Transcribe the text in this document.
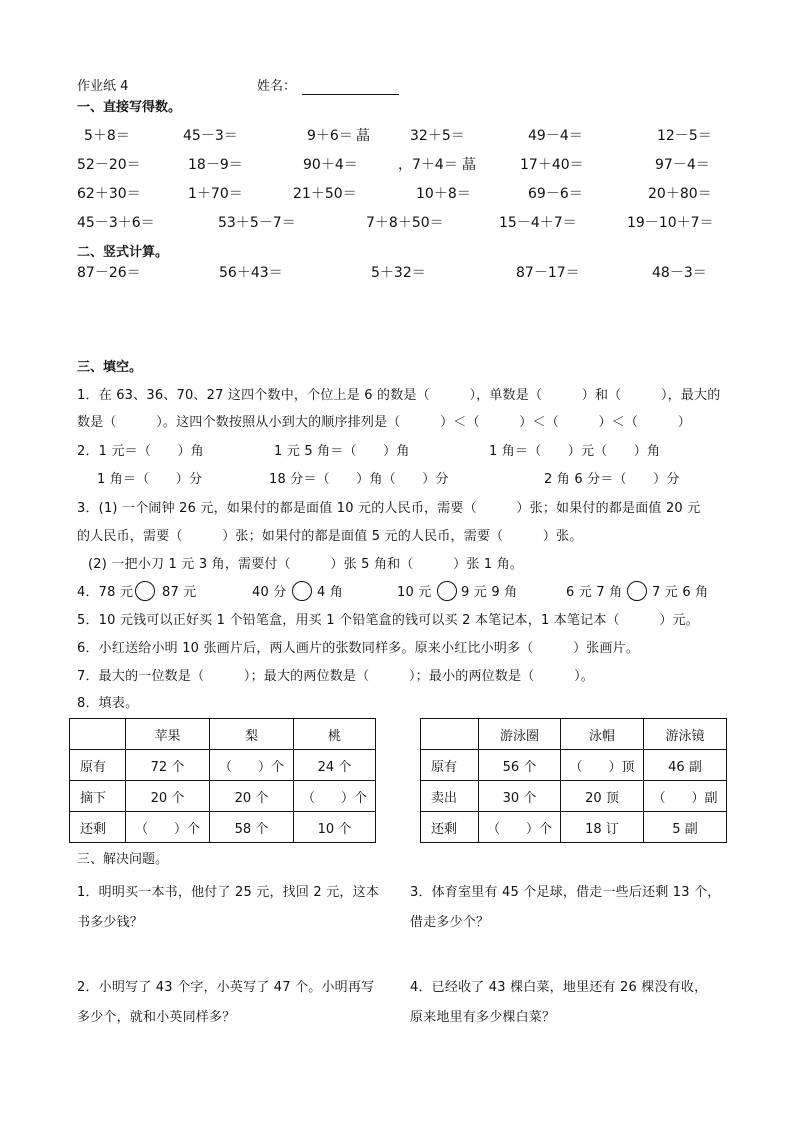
作业纸 4	姓名：
一、直接写得数。
5＋8＝	45－3＝	9＋6＝ 蕌	32＋5＝	49－4＝	12－5＝
52－20＝	18－9＝	90＋4＝	，7＋4＝ 蕌	17＋40＝	97－4＝
62＋30＝	1＋70＝	21＋50＝	10＋8＝	69－6＝	20＋80＝
45－3＋6＝	53＋5－7＝	7＋8＋50＝	15－4＋7＝	19－10＋7＝
二、竖式计算。
87－26＝	56＋43＝	5＋32＝	87－17＝	48－3＝
三、填空。
1．在 63、36、70、27 这四个数中，个位上是 6 的数是（　　　），单数是（　　　）和（　　　），最大的
数是（　　　）。这四个数按照从小到大的顺序排列是（　　　）＜（　　　）＜（　　　）＜（　　　）
2．1 元＝（　　）角	1 元 5 角＝（　　）角	1 角＝（　　）元（　　）角
1 角＝（　　）分	18 分＝（　　）角（　　）分	2 角 6 分＝（　　）分
3．(1) 一个闹钟 26 元，如果付的都是面值 10 元的人民币，需要（　　　）张；如果付的都是面值 20 元
的人民币，需要（　　　）张；如果付的都是面值 5 元的人民币，需要（　　　）张。
(2) 一把小刀 1 元 3 角，需要付（　　　）张 5 角和（　　　）张 1 角。
4．78 元 87 元	40 分 4 角	10 元 9 元 9 角	6 元 7 角 7 元 6 角
5．10 元钱可以正好买 1 个铅笔盒，用买 1 个铅笔盒的钱可以买 2 本笔记本，1 本笔记本（　　　）元。
6．小红送给小明 10 张画片后，两人画片的张数同样多。原来小红比小明多（　　　）张画片。
7．最大的一位数是（　　　）；最大的两位数是（　　　）；最小的两位数是（　　　）。
8．填表。
	苹果	梨	桃
原有	72 个	（　　）个	24 个
摘下	20 个	20 个	（　　）个
还剩	（　　）个	58 个	10 个
	游泳圈	泳帽	游泳镜
原有	56 个	（　　）顶	46 副
卖出	30 个	20 顶	（　　）副
还剩	（　　）个	18 订	5 副
三、解决问题。
1．明明买一本书，他付了 25 元，找回 2 元，这本
书多少钱？
3．体育室里有 45 个足球，借走一些后还剩 13 个，
借走多少个？
2．小明写了 43 个字，小英写了 47 个。小明再写
多少个，就和小英同样多？
4．已经收了 43 棵白菜，地里还有 26 棵没有收，
原来地里有多少棵白菜？
